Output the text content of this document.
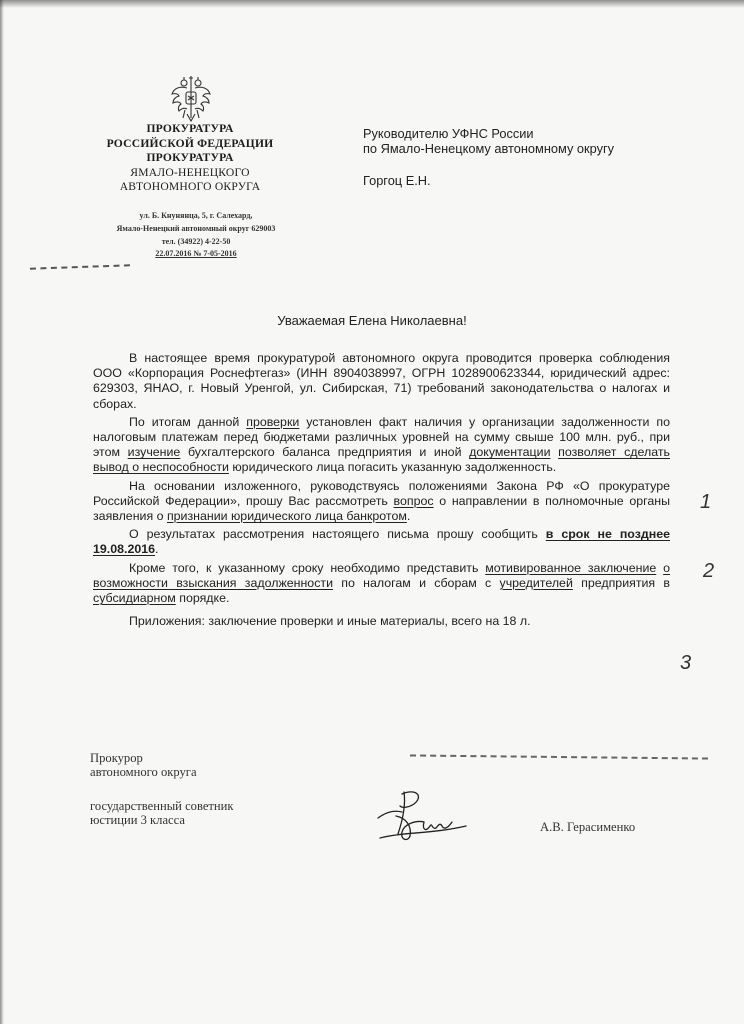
ПРОКУРАТУРА
РОССИЙСКОЙ ФЕДЕРАЦИИ
ПРОКУРАТУРА
ЯМАЛО-НЕНЕЦКОГО
АВТОНОМНОГО ОКРУГА
ул. Б. Кнунянца, 5, г. Салехард,
Ямало-Ненецкий автономный округ 629003
тел. (34922) 4-22-50
22.07.2016 № 7-05-2016
Руководителю УФНС России
по Ямало-Ненецкому автономному округу
Горгоц Е.Н.
Уважаемая Елена Николаевна!

В настоящее время прокуратурой автономного округа проводится проверка соблюдения ООО «Корпорация Роснефтегаз» (ИНН 8904038997, ОГРН 1028900623344, юридический адрес: 629303, ЯНАО, г. Новый Уренгой, ул. Сибирская, 71) требований законодательства о налогах и сборах.

По итогам данной проверки установлен факт наличия у организации задолженности по налоговым платежам перед бюджетами различных уровней на сумму свыше 100 млн. руб., при этом изучение бухгалтерского баланса предприятия и иной документации позволяет сделать вывод о неспособности юридического лица погасить указанную задолженность.

На основании изложенного, руководствуясь положениями Закона РФ «О прокуратуре Российской Федерации», прошу Вас рассмотреть вопрос о направлении в полномочные органы заявления о признании юридического лица банкротом.

О результатах рассмотрения настоящего письма прошу сообщить в срок не позднее 19.08.2016.

Кроме того, к указанному сроку необходимо представить мотивированное заключение о возможности взыскания задолженности по налогам и сборам с учредителей предприятия в субсидиарном порядке.

Приложения: заключение проверки и иные материалы, всего на 18 л.

1
2
3
Прокурор
автономного округа
государственный советник
юстиции 3 класса	А.В. Герасименко
